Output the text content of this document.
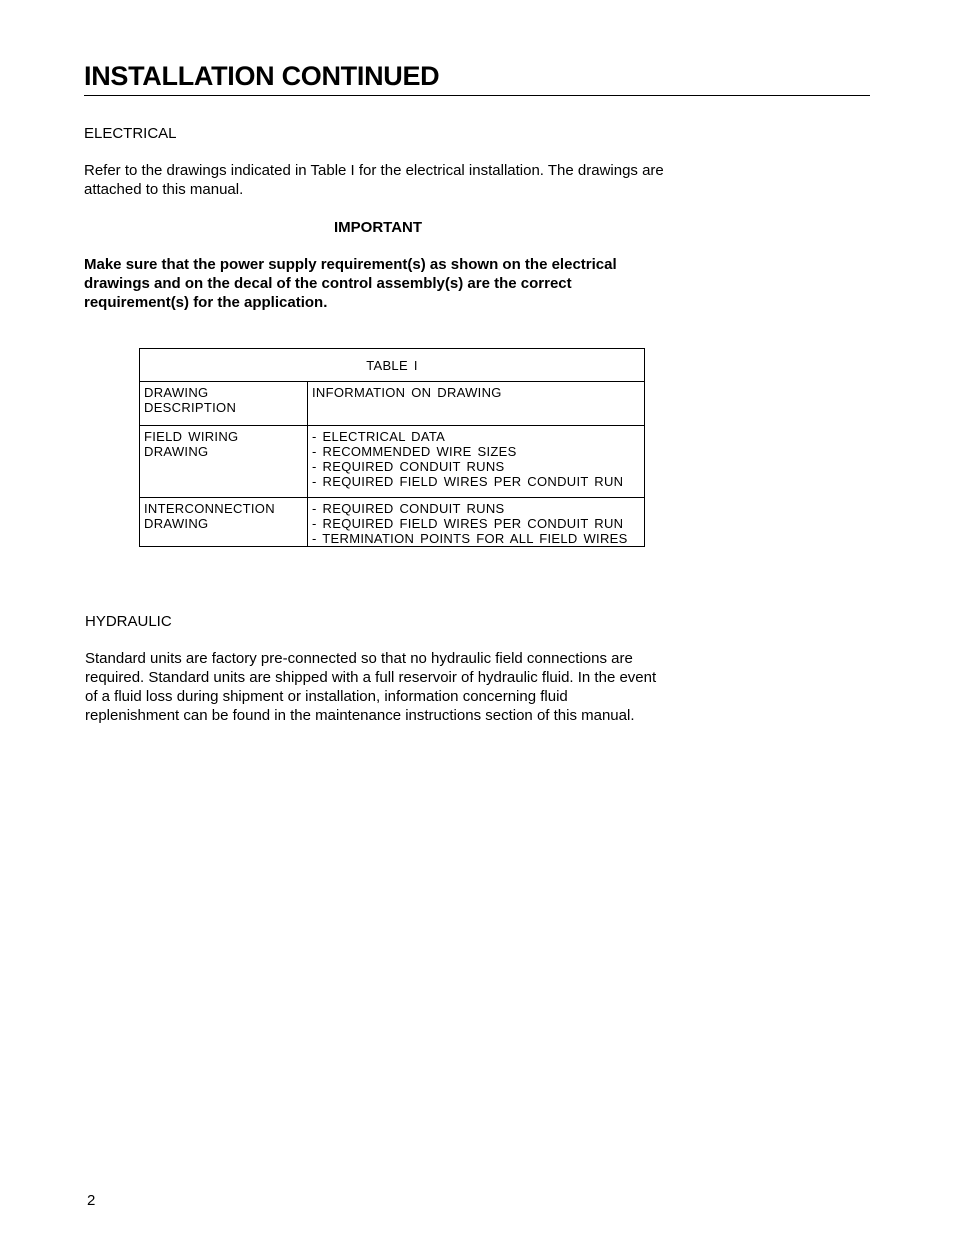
INSTALLATION CONTINUED

ELECTRICAL

Refer to the drawings indicated in Table I for the electrical installation. The drawings are
attached to this manual.

IMPORTANT

Make sure that the power supply requirement(s) as shown on the electrical
drawings and on the decal of the control assembly(s) are the correct
requirement(s) for the application.

TABLE I	

DRAWING
DESCRIPTION	INFORMATION ON DRAWING

FIELD WIRING
DRAWING	- ELECTRICAL DATA
- RECOMMENDED WIRE SIZES
- REQUIRED CONDUIT RUNS
- REQUIRED FIELD WIRES PER CONDUIT RUN

INTERCONNECTION
DRAWING	- REQUIRED CONDUIT RUNS
- REQUIRED FIELD WIRES PER CONDUIT RUN
- TERMINATION POINTS FOR ALL FIELD WIRES

HYDRAULIC

Standard units are factory pre-connected so that no hydraulic field connections are
required. Standard units are shipped with a full reservoir of hydraulic fluid. In the event
of a fluid loss during shipment or installation, information concerning fluid
replenishment can be found in the maintenance instructions section of this manual.

2
